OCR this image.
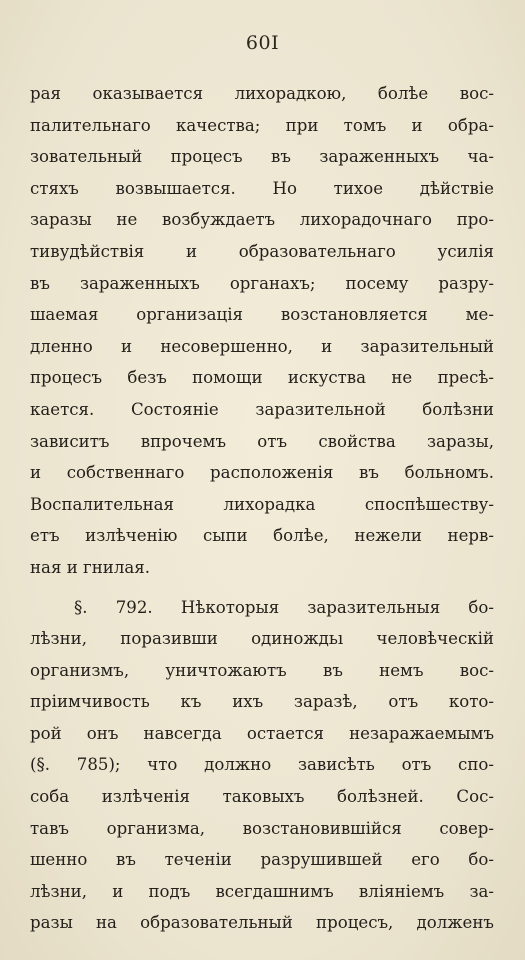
60I
рая оказывается лихорадкою, болѣе вос-
палительнаго качества; при томъ и обра-
зовательный процесъ въ зараженныхъ ча-
стяхъ возвышается. Но тихое дѣйствіе
заразы не возбуждаетъ лихорадочнаго про-
тивудѣйствія и образовательнаго усилія
въ зараженныхъ органахъ; посему разру-
шаемая организація возстановляется ме-
дленно и несовершенно, и заразительный
процесъ безъ помощи искуства не пресѣ-
кается. Состояніе заразительной болѣзни
зависитъ впрочемъ отъ свойства заразы,
и собственнаго расположенія въ больномъ.
Воспалительная лихорадка споспѣшеству-
етъ излѣченію сыпи болѣе, нежели нерв-
ная и гнилая.
§. 792. Нѣкоторыя заразительныя бо-
лѣзни, поразивши одинождьı человѣческій
организмъ, уничтожаютъ въ немъ вос-
пріимчивость къ ихъ заразѣ, отъ кото-
рой онъ навсегда остается незаражаемымъ
(§. 785); что должно зависѣть отъ спо-
соба излѣченія таковыхъ болѣзней. Сос-
тавъ организма, возстановившійся совер-
шенно въ теченіи разрушившей его бо-
лѣзни, и подъ всегдашнимъ вліяніемъ за-
разы на образовательный процесъ, долженъ
